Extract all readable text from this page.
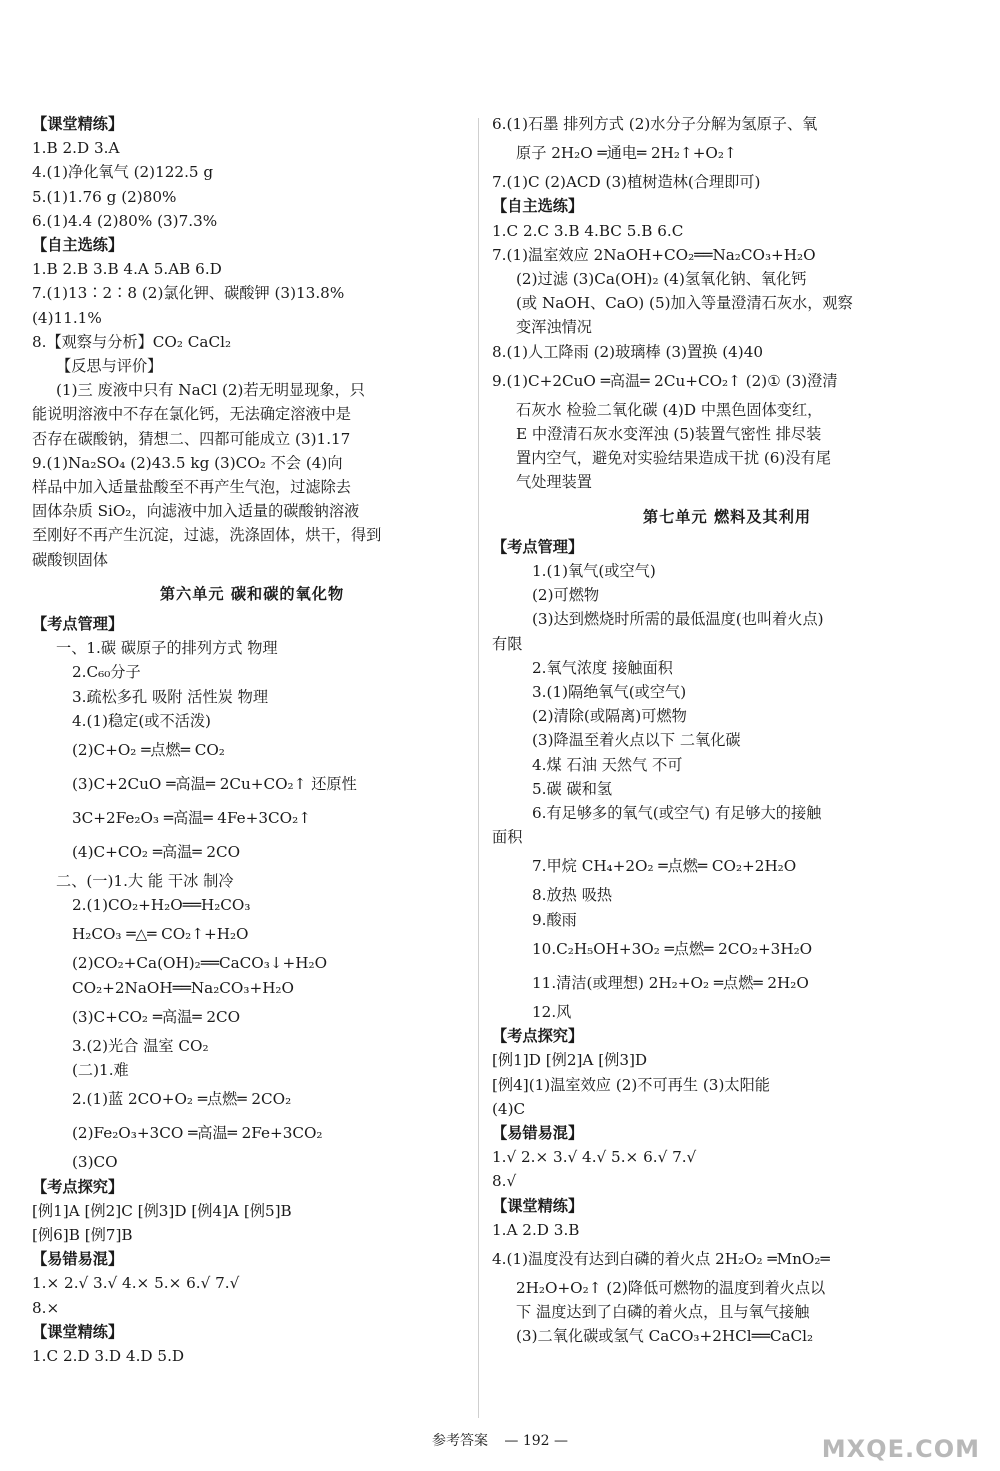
【课堂精练】
1.B 2.D 3.A
4.(1)净化氧气 (2)122.5 g
5.(1)1.76 g (2)80%
6.(1)4.4 (2)80% (3)7.3%
【自主选练】
1.B 2.B 3.B 4.A 5.AB 6.D
7.(1)13∶2∶8 (2)氯化钾、碳酸钾 (3)13.8%
(4)11.1%
8.【观察与分析】CO₂ CaCl₂
【反思与评价】
(1)三 废液中只有 NaCl (2)若无明显现象，只
能说明溶液中不存在氯化钙，无法确定溶液中是
否存在碳酸钠，猜想二、四都可能成立 (3)1.17
9.(1)Na₂SO₄ (2)43.5 kg (3)CO₂ 不会 (4)向
样品中加入适量盐酸至不再产生气泡，过滤除去
固体杂质 SiO₂，向滤液中加入适量的碳酸钠溶液
至刚好不再产生沉淀，过滤，洗涤固体，烘干，得到
碳酸钡固体
第六单元 碳和碳的氧化物
【考点管理】
一、1.碳 碳原子的排列方式 物理
2.C₆₀分子
3.疏松多孔 吸附 活性炭 物理
4.(1)稳定(或不活泼)
(2)C+O₂ ═点燃═ CO₂
(3)C+2CuO ═高温═ 2Cu+CO₂↑ 还原性
3C+2Fe₂O₃ ═高温═ 4Fe+3CO₂↑
(4)C+CO₂ ═高温═ 2CO
二、(一)1.大 能 干冰 制冷
2.(1)CO₂+H₂O══H₂CO₃
H₂CO₃ ═△═ CO₂↑+H₂O
(2)CO₂+Ca(OH)₂══CaCO₃↓+H₂O
CO₂+2NaOH══Na₂CO₃+H₂O
(3)C+CO₂ ═高温═ 2CO
3.(2)光合 温室 CO₂
(二)1.难
2.(1)蓝 2CO+O₂ ═点燃═ 2CO₂
(2)Fe₂O₃+3CO ═高温═ 2Fe+3CO₂
(3)CO
【考点探究】
[例1]A [例2]C [例3]D [例4]A [例5]B
[例6]B [例7]B
【易错易混】
1.× 2.√ 3.√ 4.× 5.× 6.√ 7.√
8.×
【课堂精练】
1.C 2.D 3.D 4.D 5.D
6.(1)石墨 排列方式 (2)水分子分解为氢原子、氧
原子 2H₂O ═通电═ 2H₂↑+O₂↑
7.(1)C (2)ACD (3)植树造林(合理即可)
【自主选练】
1.C 2.C 3.B 4.BC 5.B 6.C
7.(1)温室效应 2NaOH+CO₂══Na₂CO₃+H₂O
(2)过滤 (3)Ca(OH)₂ (4)氢氧化钠、氧化钙
(或 NaOH、CaO) (5)加入等量澄清石灰水，观察
变浑浊情况
8.(1)人工降雨 (2)玻璃棒 (3)置换 (4)40
9.(1)C+2CuO ═高温═ 2Cu+CO₂↑ (2)① (3)澄清
石灰水 检验二氧化碳 (4)D 中黑色固体变红，
E 中澄清石灰水变浑浊 (5)装置气密性 排尽装
置内空气，避免对实验结果造成干扰 (6)没有尾
气处理装置
第七单元 燃料及其利用
【考点管理】
1.(1)氧气(或空气)
(2)可燃物
(3)达到燃烧时所需的最低温度(也叫着火点)
有限
2.氧气浓度 接触面积
3.(1)隔绝氧气(或空气)
(2)清除(或隔离)可燃物
(3)降温至着火点以下 二氧化碳
4.煤 石油 天然气 不可
5.碳 碳和氢
6.有足够多的氧气(或空气) 有足够大的接触
面积
7.甲烷 CH₄+2O₂ ═点燃═ CO₂+2H₂O
8.放热 吸热
9.酸雨
10.C₂H₅OH+3O₂ ═点燃═ 2CO₂+3H₂O
11.清洁(或理想) 2H₂+O₂ ═点燃═ 2H₂O
12.风
【考点探究】
[例1]D [例2]A [例3]D
[例4](1)温室效应 (2)不可再生 (3)太阳能
(4)C
【易错易混】
1.√ 2.× 3.√ 4.√ 5.× 6.√ 7.√
8.√
【课堂精练】
1.A 2.D 3.B
4.(1)温度没有达到白磷的着火点 2H₂O₂ ═MnO₂═
2H₂O+O₂↑ (2)降低可燃物的温度到着火点以
下 温度达到了白磷的着火点，且与氧气接触
(3)二氧化碳或氢气 CaCO₃+2HCl══CaCl₂
参考答案 — 192 —	MXQE.COM
